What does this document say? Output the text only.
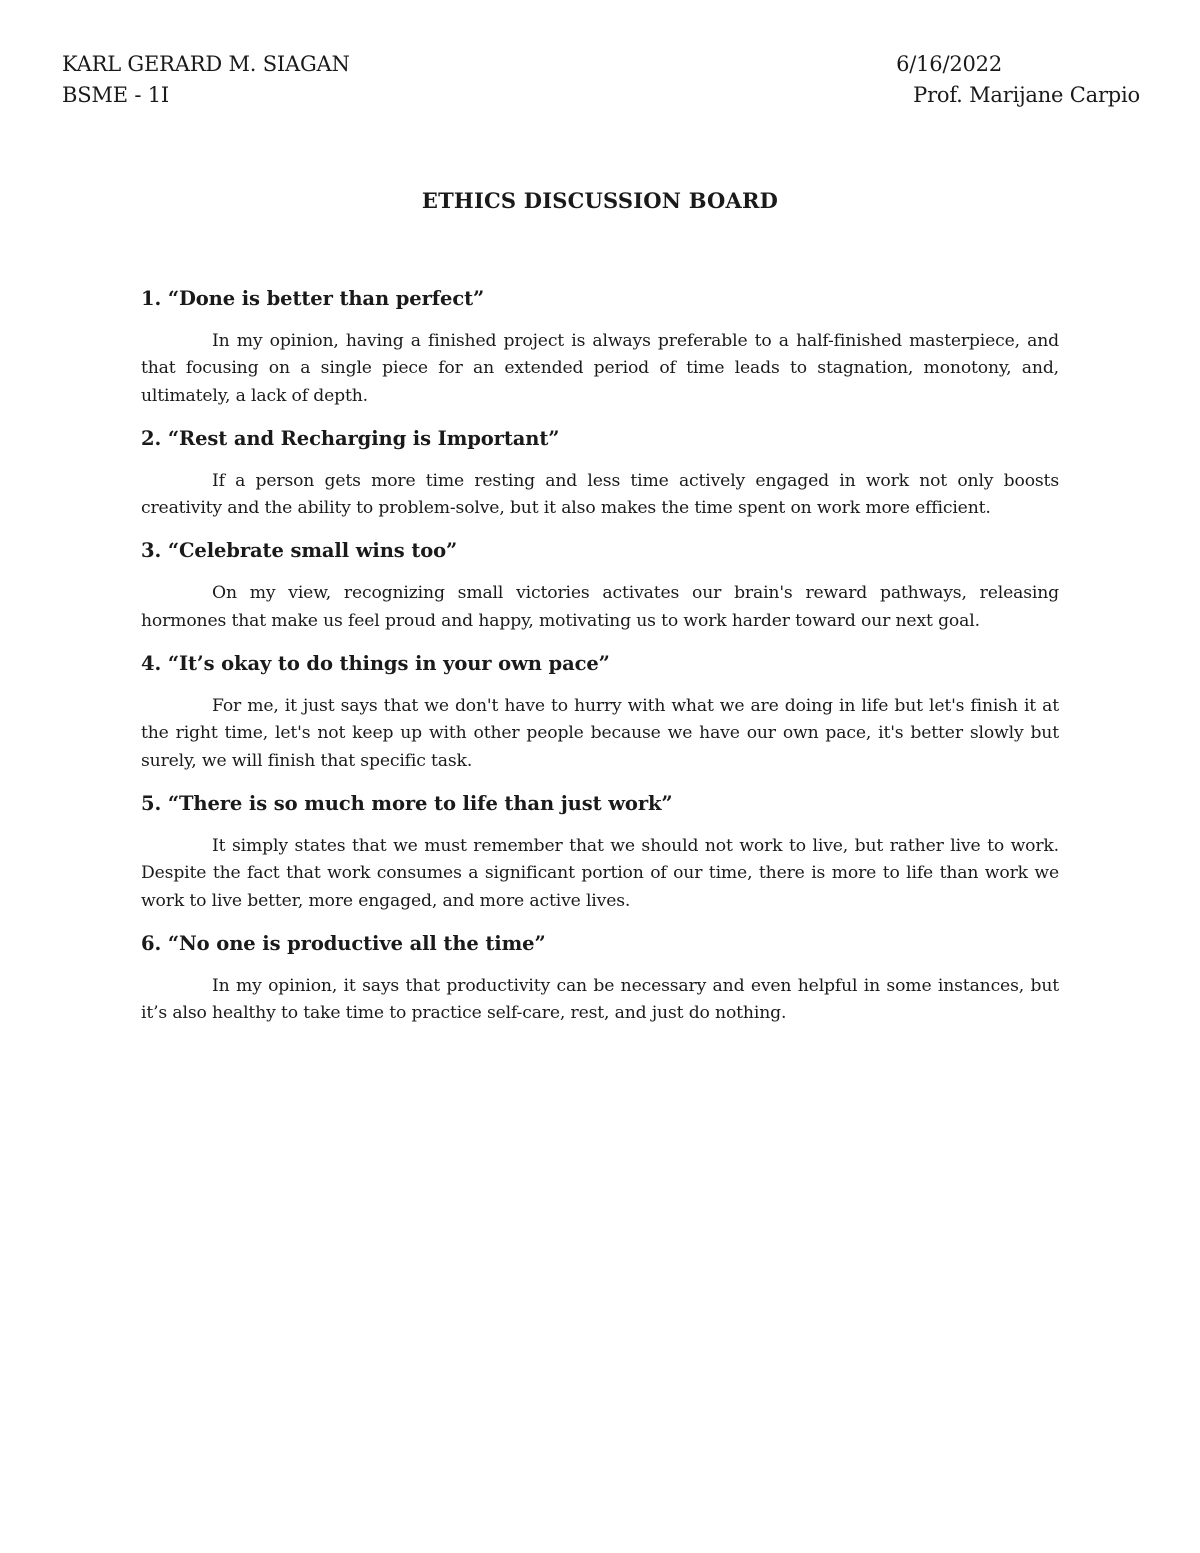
KARL GERARD M. SIAGAN
BSME - 1I
6/16/2022
Prof. Marijane Carpio
ETHICS DISCUSSION BOARD
1. “Done is better than perfect”

In my opinion, having a finished project is always preferable to a half-finished masterpiece, and that focusing on a single piece for an extended period of time leads to stagnation, monotony, and, ultimately, a lack of depth.

2. “Rest and Recharging is Important”

If a person gets more time resting and less time actively engaged in work not only boosts creativity and the ability to problem-solve, but it also makes the time spent on work more efficient.

3. “Celebrate small wins too”

On my view, recognizing small victories activates our brain's reward pathways, releasing hormones that make us feel proud and happy, motivating us to work harder toward our next goal.

4. “It’s okay to do things in your own pace”

For me, it just says that we don't have to hurry with what we are doing in life but let's finish it at the right time, let's not keep up with other people because we have our own pace, it's better slowly but surely, we will finish that specific task.

5. “There is so much more to life than just work”

It simply states that we must remember that we should not work to live, but rather live to work. Despite the fact that work consumes a significant portion of our time, there is more to life than work we work to live better, more engaged, and more active lives.

6. “No one is productive all the time”

In my opinion, it says that productivity can be necessary and even helpful in some instances, but it’s also healthy to take time to practice self-care, rest, and just do nothing.
